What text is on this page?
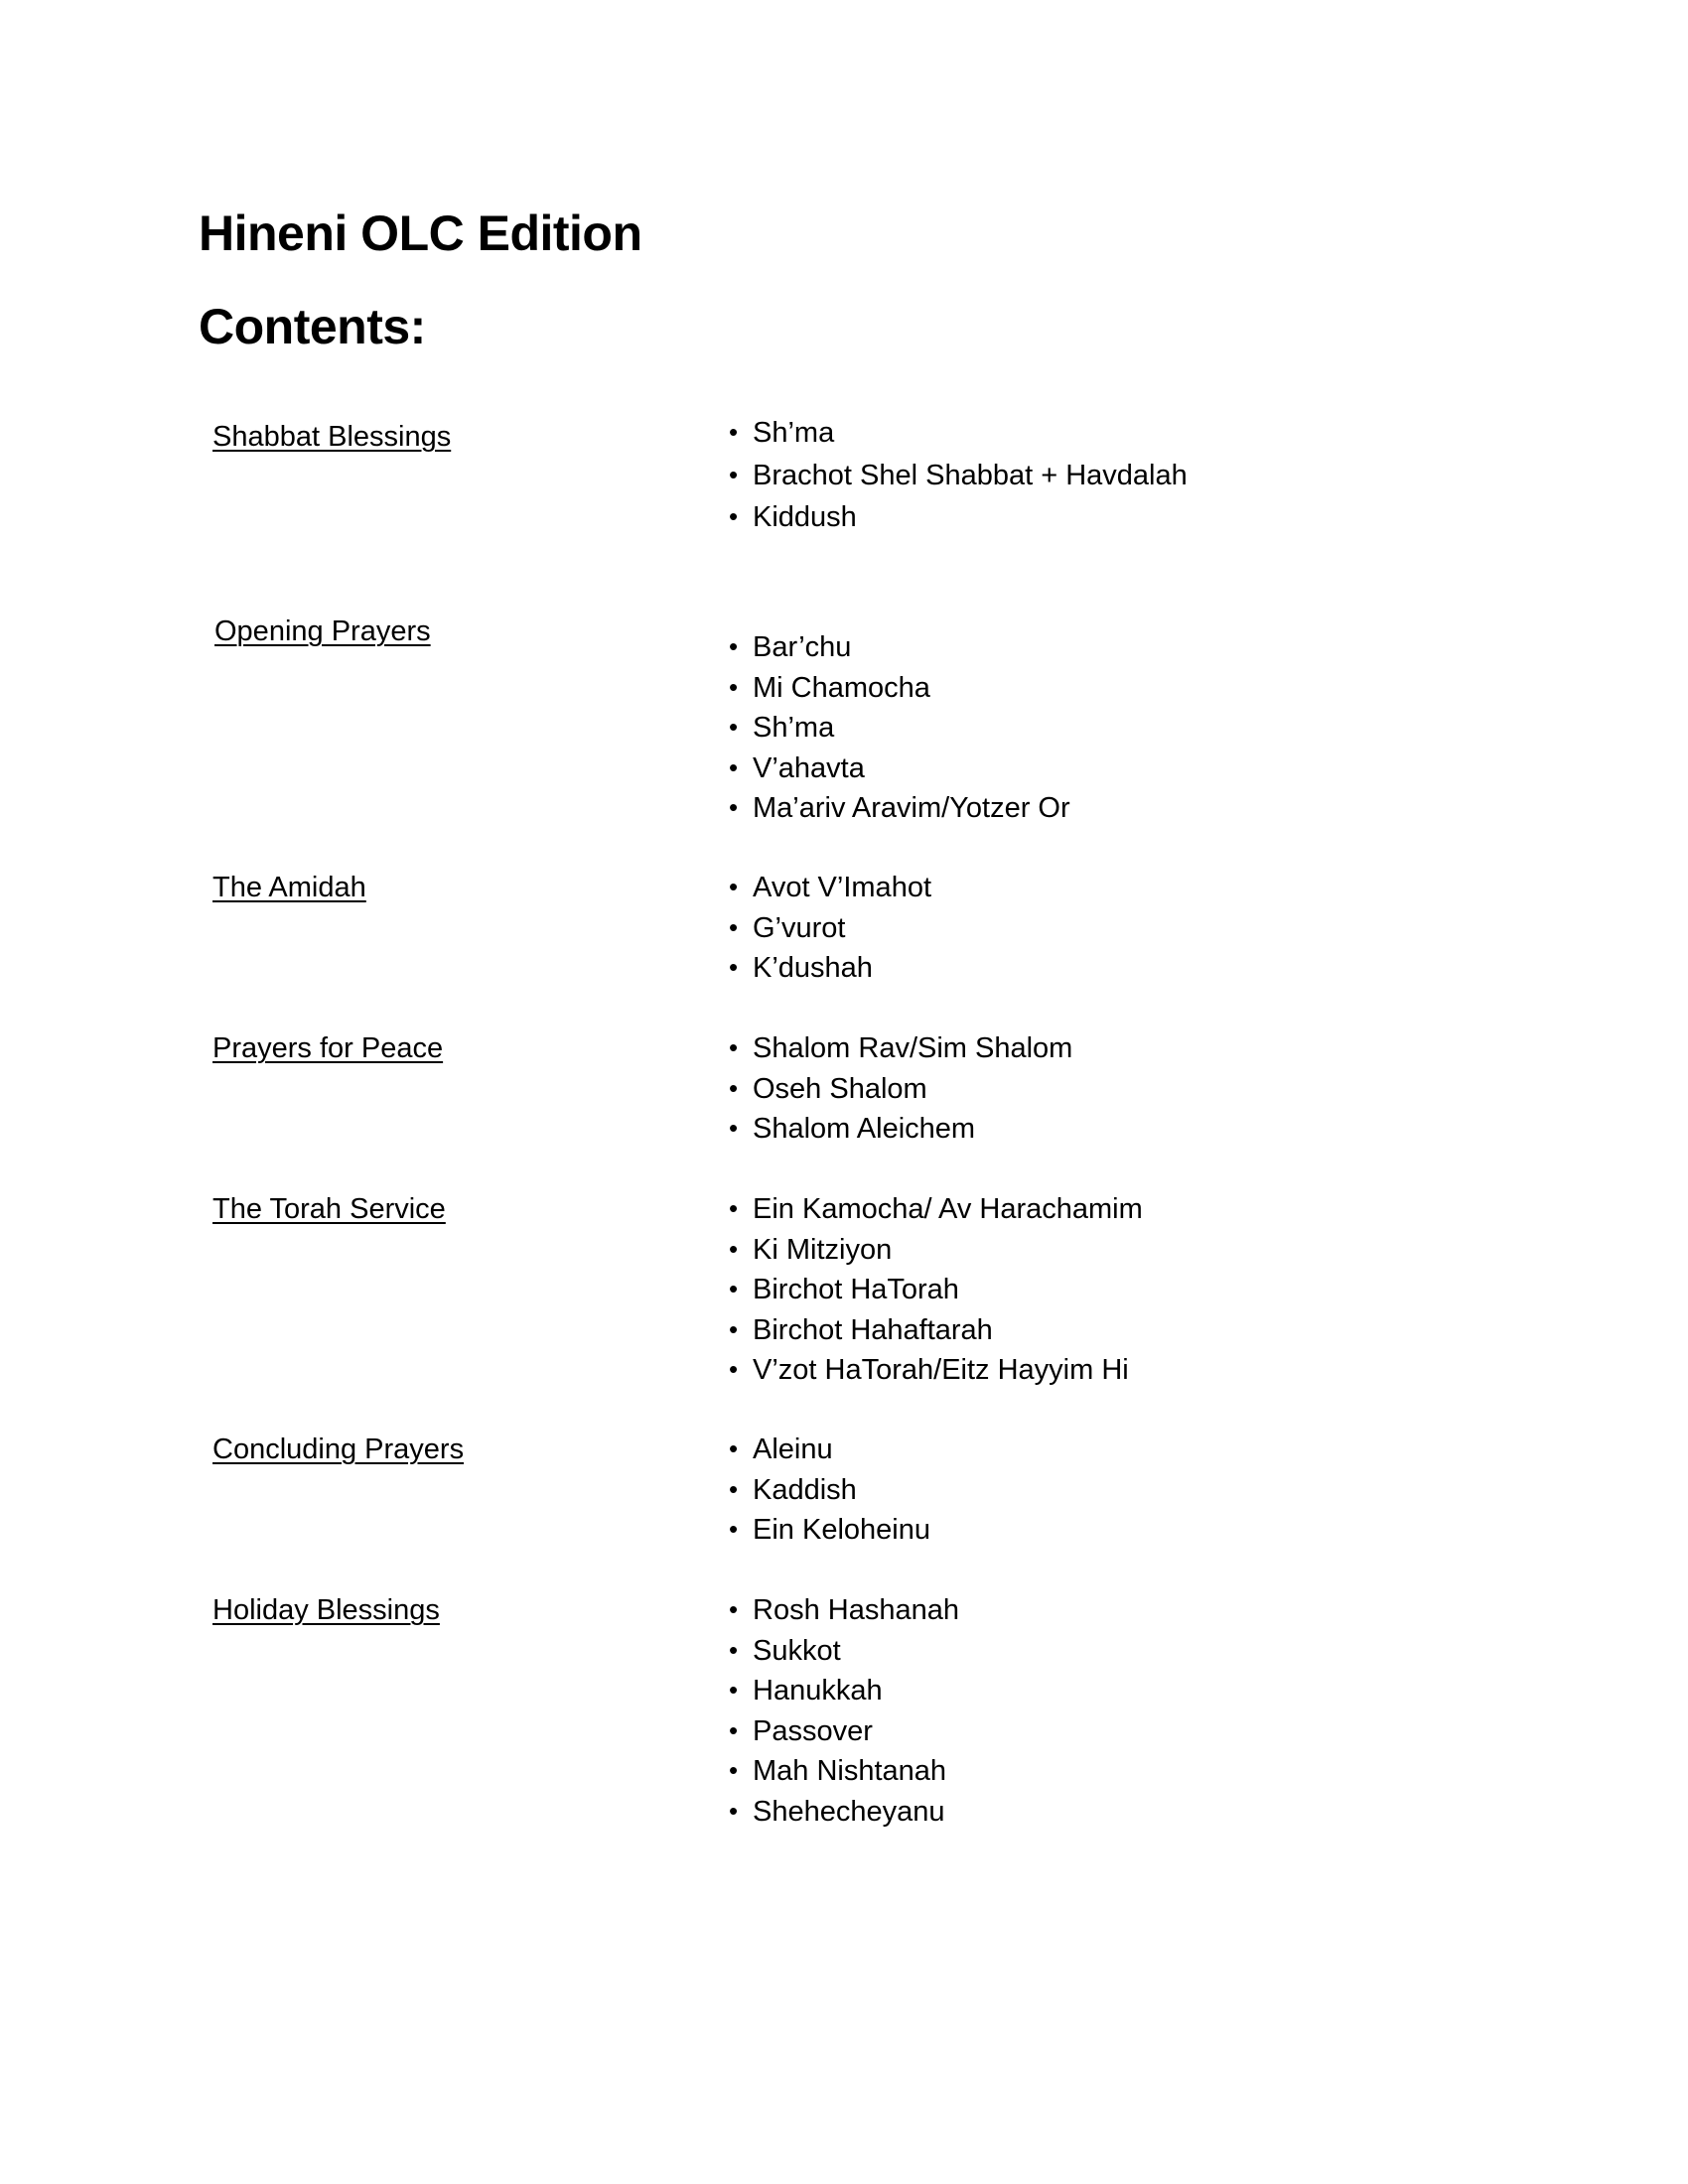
Hineni OLC Edition
Contents:
Shabbat Blessings	• Sh’ma
• Brachot Shel Shabbat + Havdalah
• Kiddush
Opening Prayers	• Bar’chu
• Mi Chamocha
• Sh’ma
• V’ahavta
• Ma’ariv Aravim/Yotzer Or
The Amidah	• Avot V’Imahot
• G’vurot
• K’dushah
Prayers for Peace	• Shalom Rav/Sim Shalom
• Oseh Shalom
• Shalom Aleichem
The Torah Service	• Ein Kamocha/ Av Harachamim
• Ki Mitziyon
• Birchot HaTorah
• Birchot Hahaftarah
• V’zot HaTorah/Eitz Hayyim Hi
Concluding Prayers	• Aleinu
• Kaddish
• Ein Keloheinu
Holiday Blessings	• Rosh Hashanah
• Sukkot
• Hanukkah
• Passover
• Mah Nishtanah
• Shehecheyanu
